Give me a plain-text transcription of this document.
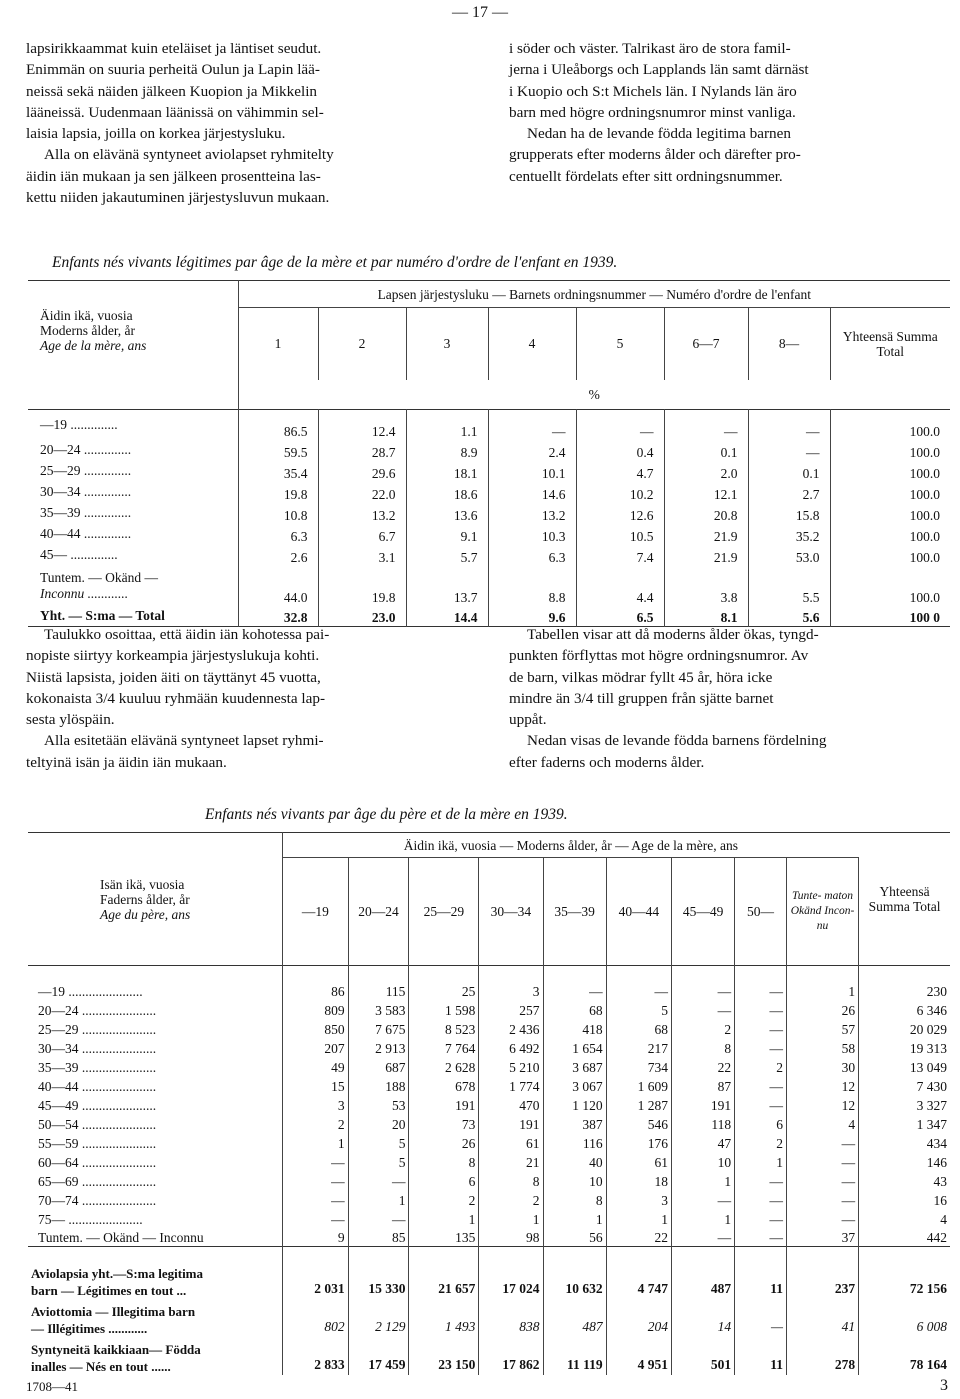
— 17 —
lapsirikkaammat kuin eteläiset ja läntiset seudut.
Enimmän on suuria perheitä Oulun ja Lapin lää-
neissä sekä näiden jälkeen Kuopion ja Mikkelin
lääneissä. Uudenmaan läänissä on vähimmin sel-
laisia lapsia, joilla on korkea järjestysluku.
Alla on elävänä syntyneet aviolapset ryhmitelty
äidin iän mukaan ja sen jälkeen prosentteina las-
kettu niiden jakautuminen järjestysluvun mukaan.
i söder och väster. Talrikast äro de stora famil-
jerna i Uleåborgs och Lapplands län samt därnäst
i Kuopio och S:t Michels län. I Nylands län äro
barn med högre ordningsnumror minst vanliga.
Nedan ha de levande födda legitima barnen
grupperats efter moderns ålder och därefter pro-
centuellt fördelats efter sitt ordningsnummer.
Enfants nés vivants légitimes par âge de la mère et par numéro d'ordre de l'enfant en 1939.
Äidin ikä, vuosia
Moderns ålder, år
Age de la mère, ans	Lapsen järjestysluku — Barnets ordningsnummer — Numéro d'ordre de l'enfant							
	1	2	3	4	5	6—7	8—	Yhteensä Summa Total
	%							
—19 ..............	86.5	12.4	1.1	—	—	—	—	100.0
20—24 ..............	59.5	28.7	8.9	2.4	0.4	0.1	—	100.0
25—29 ..............	35.4	29.6	18.1	10.1	4.7	2.0	0.1	100.0
30—34 ..............	19.8	22.0	18.6	14.6	10.2	12.1	2.7	100.0
35—39 ..............	10.8	13.2	13.6	13.2	12.6	20.8	15.8	100.0
40—44 ..............	6.3	6.7	9.1	10.3	10.5	21.9	35.2	100.0
45— ..............	2.6	3.1	5.7	6.3	7.4	21.9	53.0	100.0
Tuntem. — Okänd —
Inconnu ............	44.0	19.8	13.7	8.8	4.4	3.8	5.5	100.0
Yht. — S:ma — Total	32.8	23.0	14.4	9.6	6.5	8.1	5.6	100 0
Taulukko osoittaa, että äidin iän kohotessa pai-
nopiste siirtyy korkeampia järjestyslukuja kohti.
Niistä lapsista, joiden äiti on täyttänyt 45 vuotta,
kokonaista 3/4 kuuluu ryhmään kuudennesta lap-
sesta ylöspäin.
Alla esitetään elävänä syntyneet lapset ryhmi-
teltyinä isän ja äidin iän mukaan.
Tabellen visar att då moderns ålder ökas, tyngd-
punkten förflyttas mot högre ordningsnumror. Av
de barn, vilkas mödrar fyllt 45 år, höra icke
mindre än 3/4 till gruppen från sjätte barnet
uppåt.
Nedan visas de levande födda barnens fördelning
efter faderns och moderns ålder.
Enfants nés vivants par âge du père et de la mère en 1939.
Isän ikä, vuosia
Faderns ålder, år
Age du père, ans	Äidin ikä, vuosia — Moderns ålder, år — Age de la mère, ans									Yhteensä Summa Total
	—19	20—24	25—29	30—34	35—39	40—44	45—49	50—	Tunte- maton Okänd Incon- nu	
—19 ......................	86	115	25	3	—	—	—	—	1	230
20—24 ......................	809	3 583	1 598	257	68	5	—	—	26	6 346
25—29 ......................	850	7 675	8 523	2 436	418	68	2	—	57	20 029
30—34 ......................	207	2 913	7 764	6 492	1 654	217	8	—	58	19 313
35—39 ......................	49	687	2 628	5 210	3 687	734	22	2	30	13 049
40—44 ......................	15	188	678	1 774	3 067	1 609	87	—	12	7 430
45—49 ......................	3	53	191	470	1 120	1 287	191	—	12	3 327
50—54 ......................	2	20	73	191	387	546	118	6	4	1 347
55—59 ......................	1	5	26	61	116	176	47	2	—	434
60—64 ......................	—	5	8	21	40	61	10	1	—	146
65—69 ......................	—	—	6	8	10	18	1	—	—	43
70—74 ......................	—	1	2	2	8	3	—	—	—	16
75— ......................	—	—	1	1	1	1	1	—	—	4
Tuntem. — Okänd — Inconnu	9	85	135	98	56	22	—	—	37	442

Aviolapsia yht.—S:ma legitima
barn — Légitimes en tout ...	2 031	15 330	21 657	17 024	10 632	4 747	487	11	237	72 156

Aviottomia — Illegitima barn
— Illégitimes ............	802	2 129	1 493	838	487	204	14	—	41	6 008

Syntyneitä kaikkiaan— Födda
inalles — Nés en tout ......	2 833	17 459	23 150	17 862	11 119	4 951	501	11	278	78 164
1708—41	3
